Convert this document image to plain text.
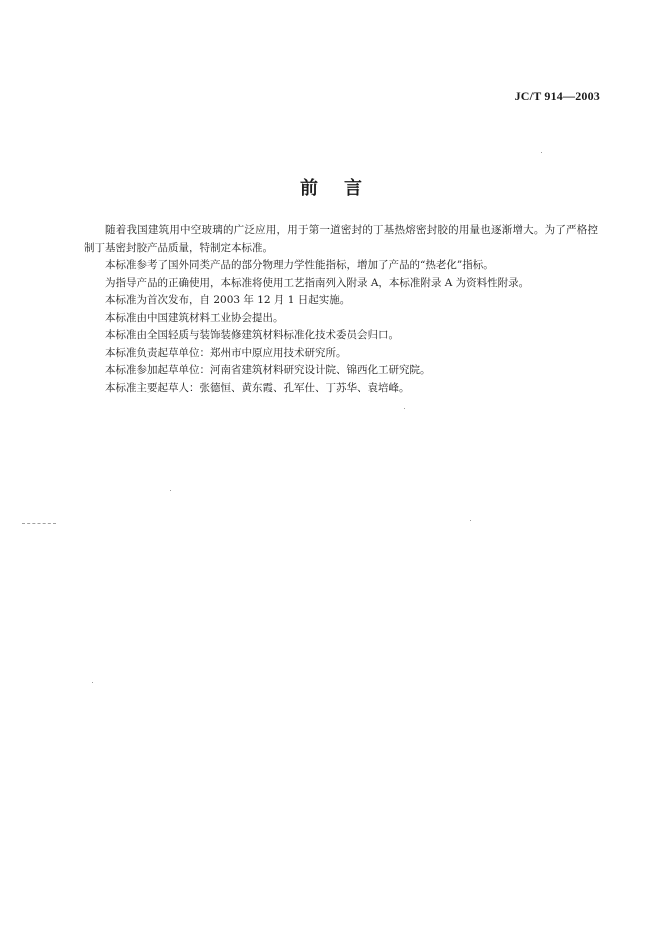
JC/T 914—2003
前言

随着我国建筑用中空玻璃的广泛应用，用于第一道密封的丁基热熔密封胶的用量也逐渐增大。为了严格控制丁基密封胶产品质量，特制定本标准。

本标准参考了国外同类产品的部分物理力学性能指标，增加了产品的“热老化”指标。

为指导产品的正确使用，本标准将使用工艺指南列入附录 A，本标准附录 A 为资料性附录。

本标准为首次发布，自 2003 年 12 月 1 日起实施。

本标准由中国建筑材料工业协会提出。

本标准由全国轻质与装饰装修建筑材料标准化技术委员会归口。

本标准负责起草单位：郑州市中原应用技术研究所。

本标准参加起草单位：河南省建筑材料研究设计院、锦西化工研究院。

本标准主要起草人：张德恒、黄东霞、孔军仕、丁苏华、袁培峰。
